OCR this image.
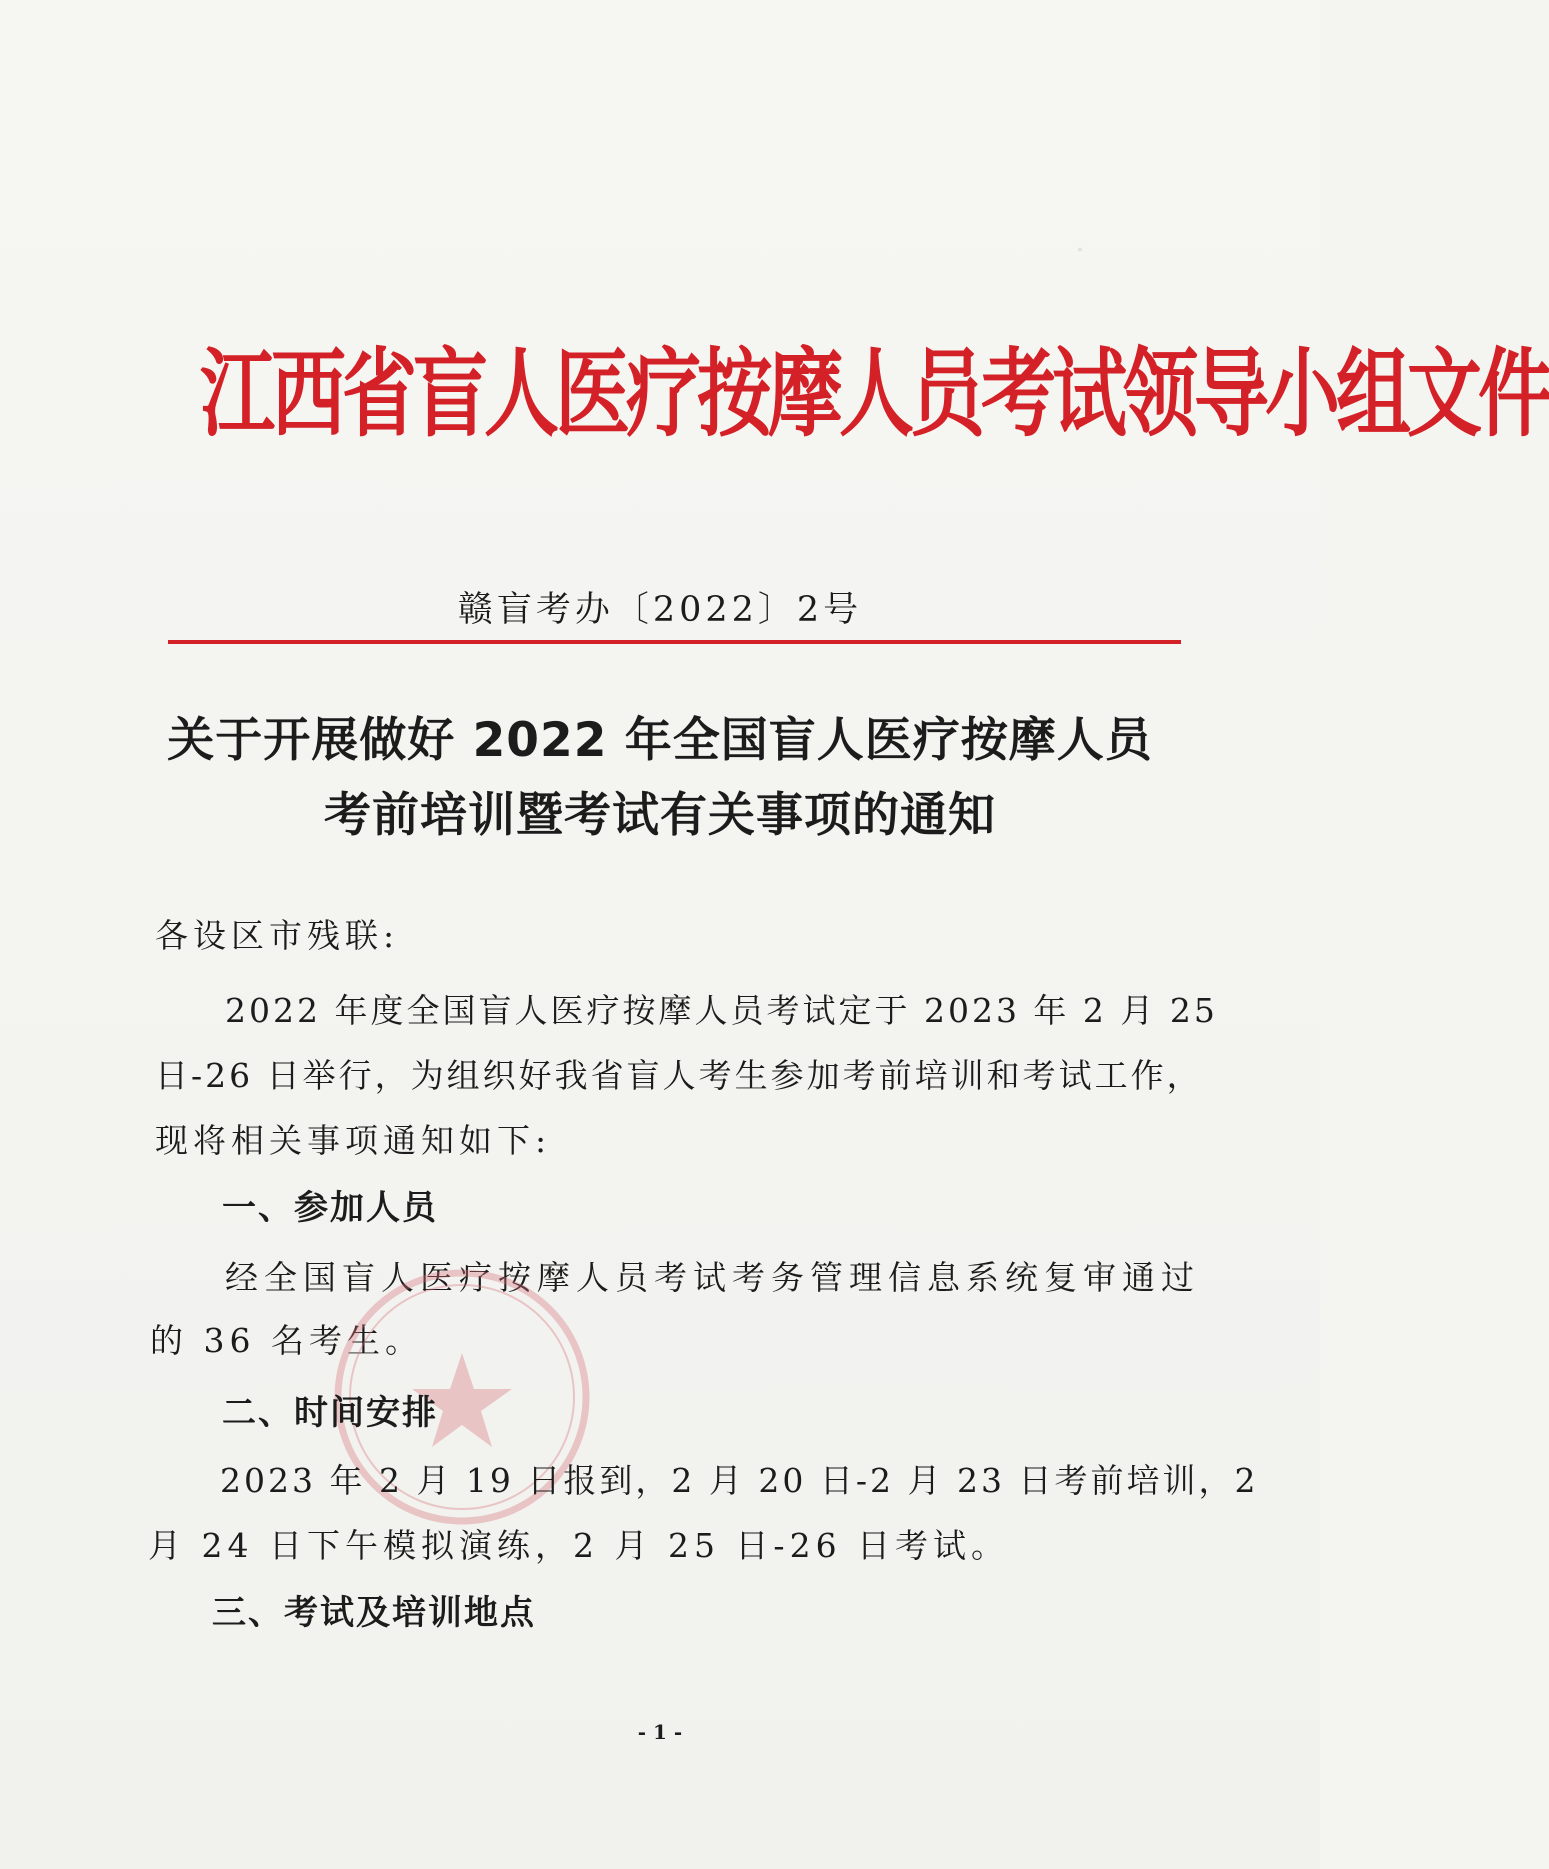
·
江西省盲人医疗按摩人员考试领导小组文件
赣盲考办〔2022〕2号
关于开展做好 2022 年全国盲人医疗按摩人员
考前培训暨考试有关事项的通知
各设区市残联:
2022 年度全国盲人医疗按摩人员考试定于 2023 年 2 月 25
日-26 日举行，为组织好我省盲人考生参加考前培训和考试工作，
现将相关事项通知如下:
一、参加人员
经全国盲人医疗按摩人员考试考务管理信息系统复审通过
的 36 名考生。
二、时间安排
2023 年 2 月 19 日报到，2 月 20 日-2 月 23 日考前培训，2
月 24 日下午模拟演练，2 月 25 日-26 日考试。
三、考试及培训地点
- 1 -
